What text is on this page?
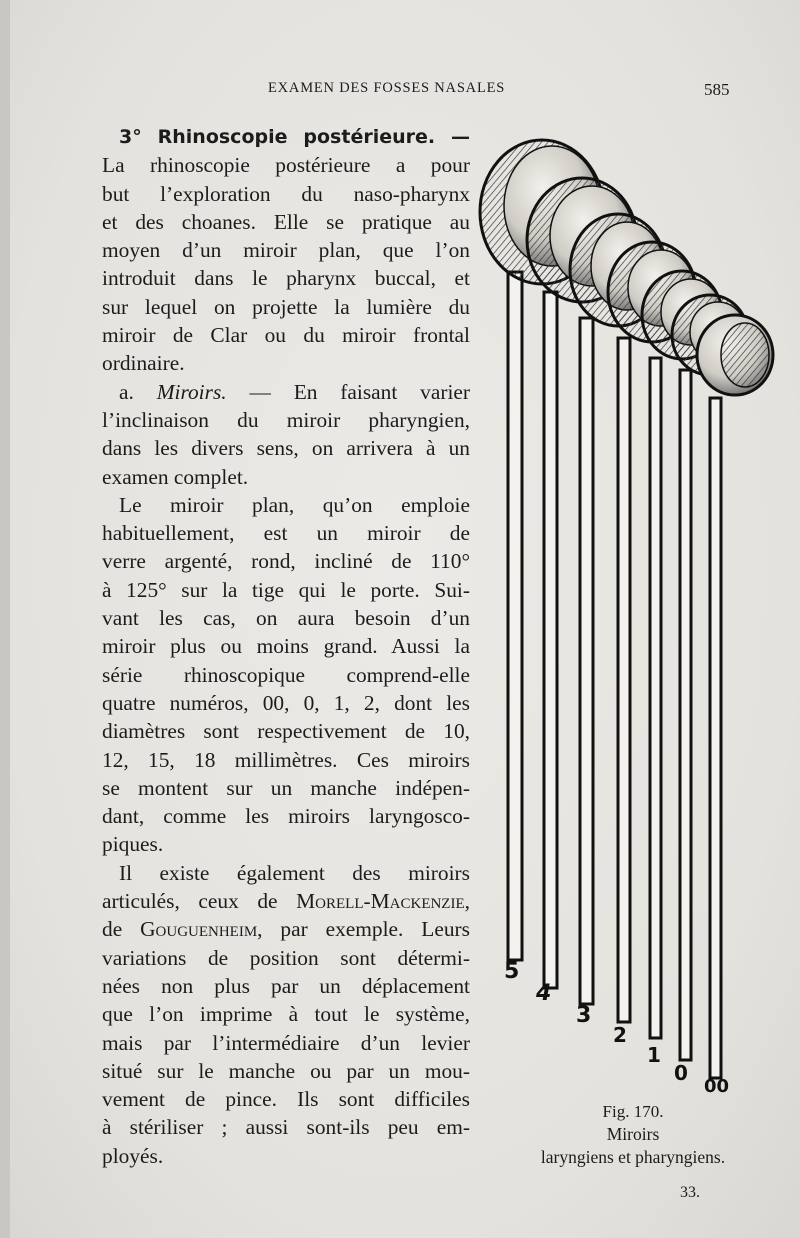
EXAMEN DES FOSSES NASALES	585
3° Rhinoscopie postérieure. —
La rhinoscopie postérieure a pour
but l’exploration du naso-pharynx
et des choanes. Elle se pratique au
moyen d’un miroir plan, que l’on
introduit dans le pharynx buccal, et
sur lequel on projette la lumière du
miroir de Clar ou du miroir frontal
ordinaire.
a. Miroirs. — En faisant varier
l’inclinaison du miroir pharyngien,
dans les divers sens, on arrivera à un
examen complet.
Le miroir plan, qu’on emploie
habituellement, est un miroir de
verre argenté, rond, incliné de 110°
à 125° sur la tige qui le porte. Sui-
vant les cas, on aura besoin d’un
miroir plus ou moins grand. Aussi la
série rhinoscopique comprend-elle
quatre numéros, 00, 0, 1, 2, dont les
diamètres sont respectivement de 10,
12, 15, 18 millimètres. Ces miroirs
se montent sur un manche indépen-
dant, comme les miroirs laryngosco-
piques.
Il existe également des miroirs
articulés, ceux de Morell-Mackenzie,
de Gouguenheim, par exemple. Leurs
variations de position sont détermi-
nées non plus par un déplacement
que l’on imprime à tout le système,
mais par l’intermédiaire d’un levier
situé sur le manche ou par un mou-
vement de pince. Ils sont difficiles
à stériliser ; aussi sont-ils peu em-
ployés.
5
4
3
2
1
0
00
Fig. 170.
Miroirs
laryngiens et pharyngiens.
33.
